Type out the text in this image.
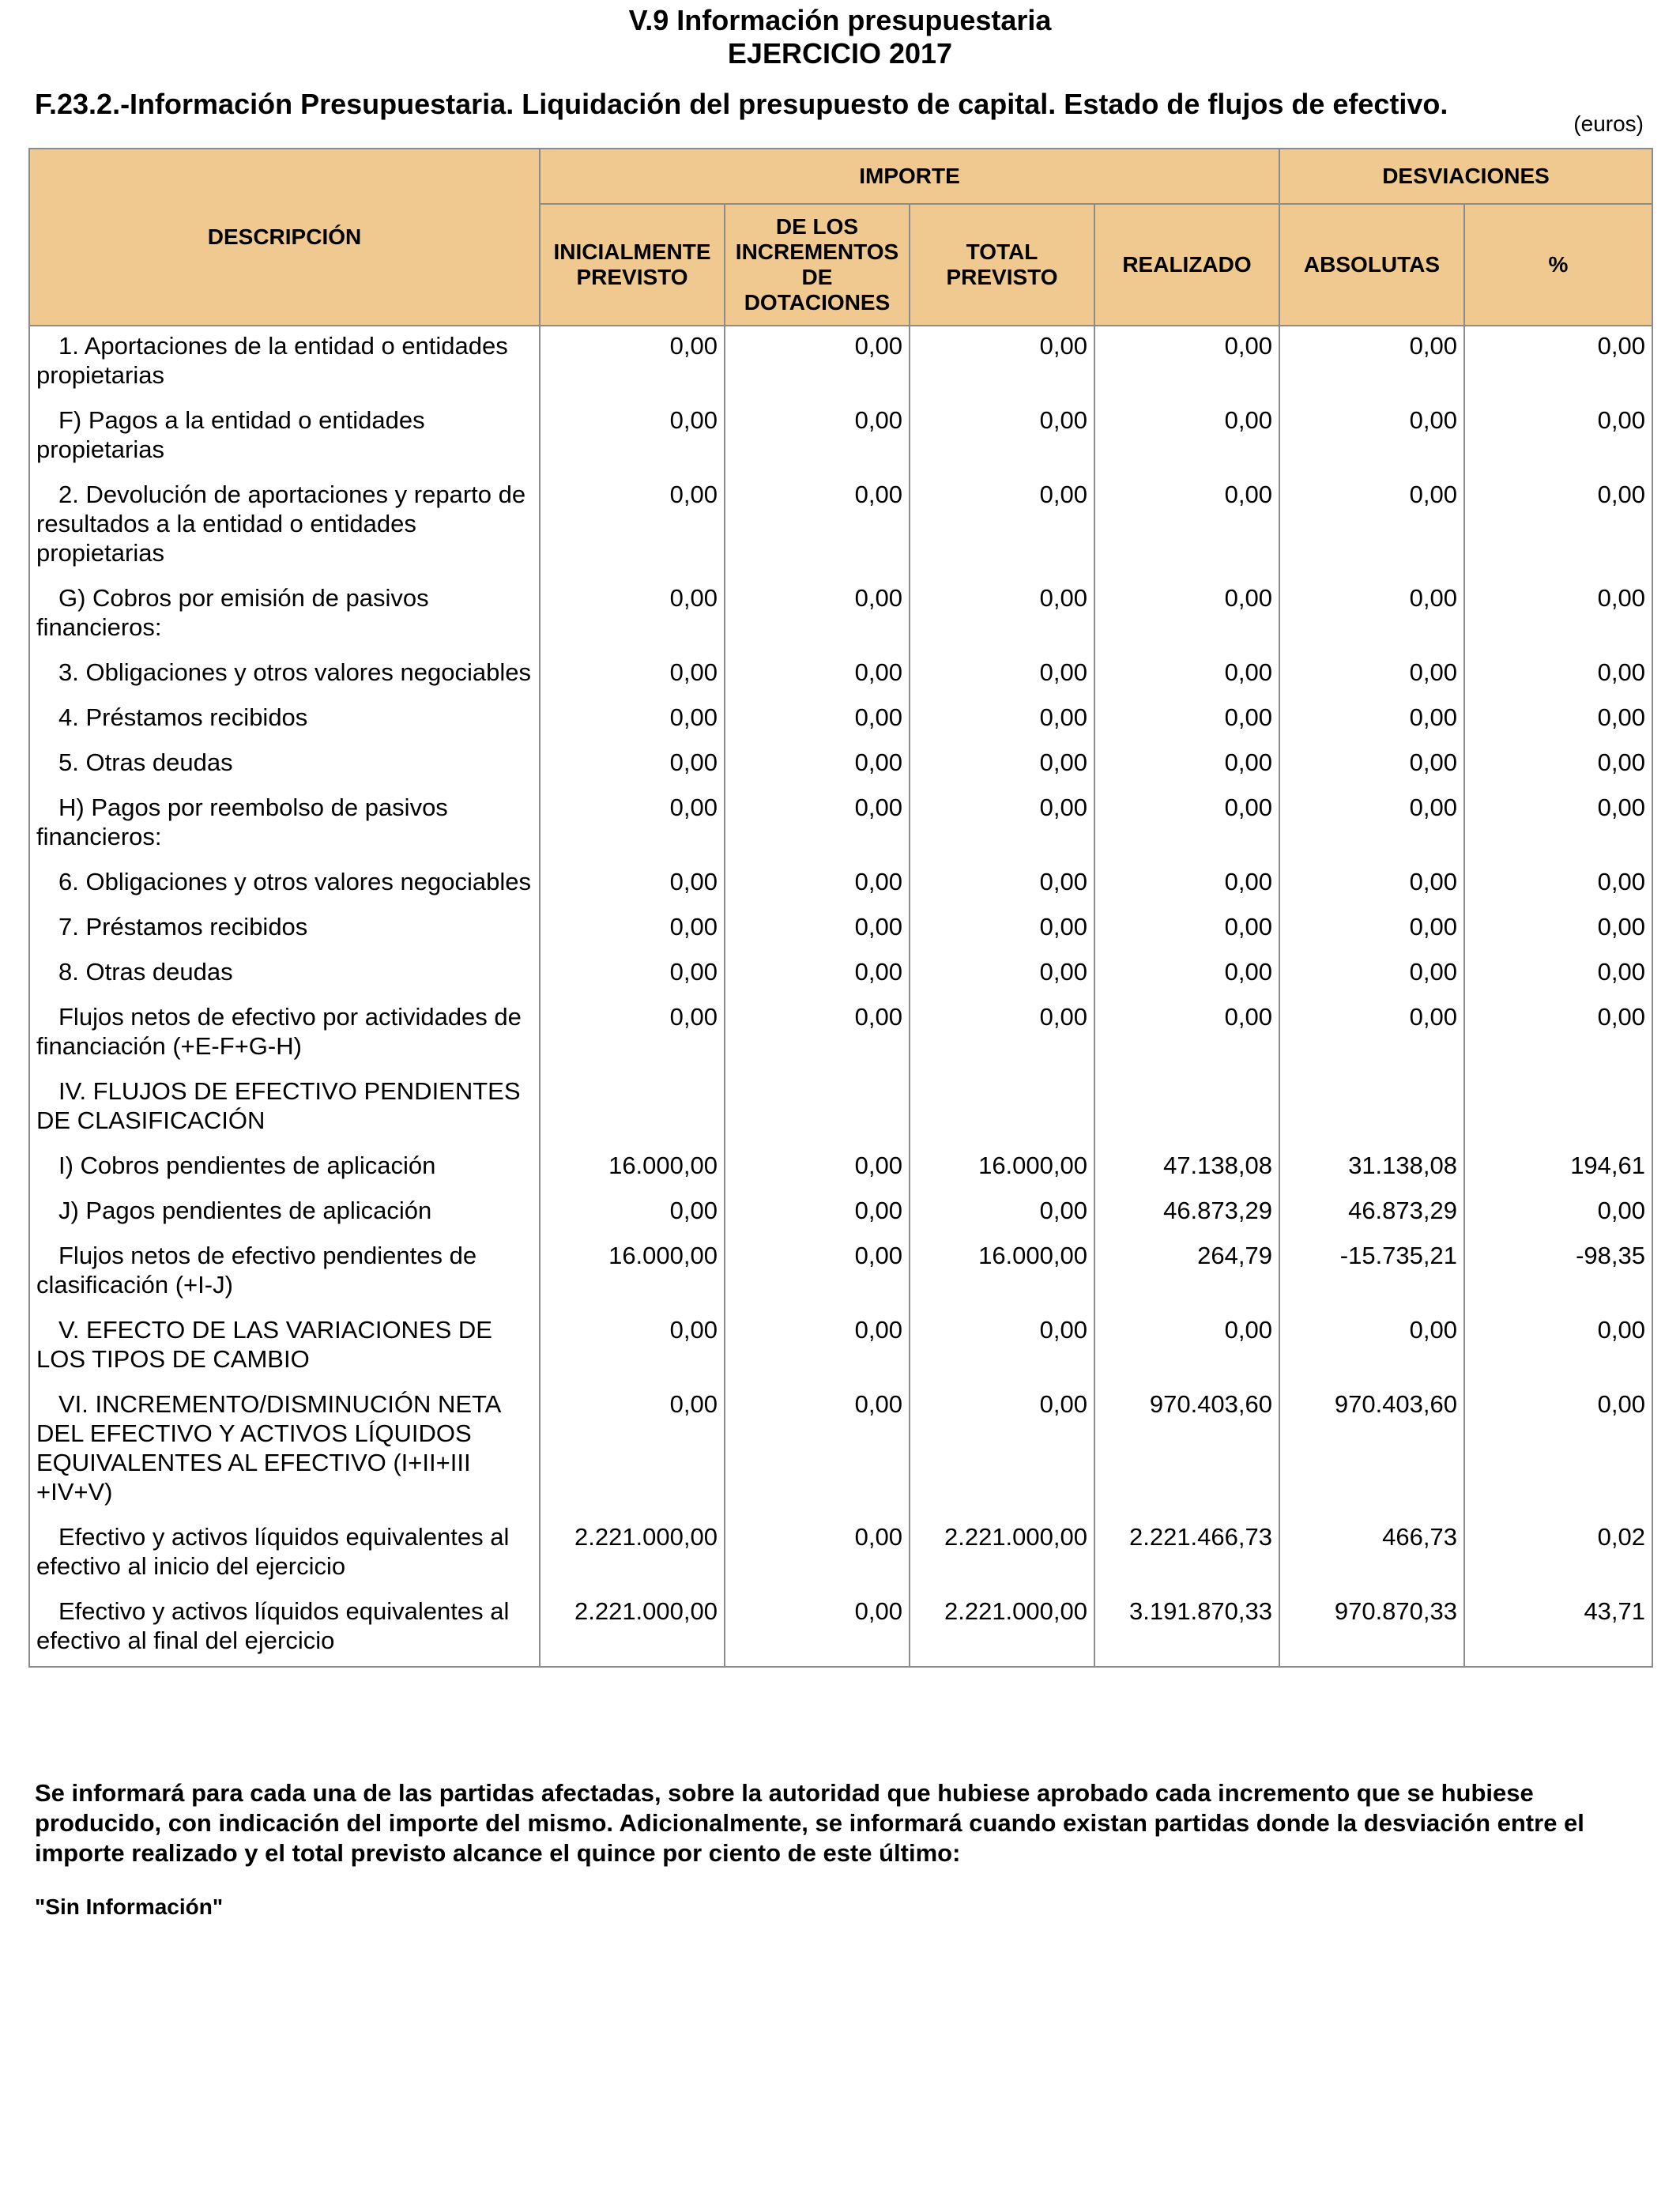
V.9 Información presupuestaria
EJERCICIO 2017
F.23.2.-Información Presupuestaria. Liquidación del presupuesto de capital. Estado de flujos de efectivo.
(euros)
DESCRIPCIÓN	IMPORTE				DESVIACIONES	
	INICIALMENTE PREVISTO	DE LOS INCREMENTOS DE DOTACIONES	TOTAL PREVISTO	REALIZADO	ABSOLUTAS	%
1. Aportaciones de la entidad o entidades propietarias	0,00	0,00	0,00	0,00	0,00	0,00
F) Pagos a la entidad o entidades propietarias	0,00	0,00	0,00	0,00	0,00	0,00
2. Devolución de aportaciones y reparto de resultados a la entidad o entidades propietarias	0,00	0,00	0,00	0,00	0,00	0,00
G) Cobros por emisión de pasivos financieros:	0,00	0,00	0,00	0,00	0,00	0,00
3. Obligaciones y otros valores negociables	0,00	0,00	0,00	0,00	0,00	0,00
4. Préstamos recibidos	0,00	0,00	0,00	0,00	0,00	0,00
5. Otras deudas	0,00	0,00	0,00	0,00	0,00	0,00
H) Pagos por reembolso de pasivos financieros:	0,00	0,00	0,00	0,00	0,00	0,00
6. Obligaciones y otros valores negociables	0,00	0,00	0,00	0,00	0,00	0,00
7. Préstamos recibidos	0,00	0,00	0,00	0,00	0,00	0,00
8. Otras deudas	0,00	0,00	0,00	0,00	0,00	0,00
Flujos netos de efectivo por actividades de financiación (+E-F+G-H)	0,00	0,00	0,00	0,00	0,00	0,00
IV. FLUJOS DE EFECTIVO PENDIENTES DE CLASIFICACIÓN						
I) Cobros pendientes de aplicación	16.000,00	0,00	16.000,00	47.138,08	31.138,08	194,61
J) Pagos pendientes de aplicación	0,00	0,00	0,00	46.873,29	46.873,29	0,00
Flujos netos de efectivo pendientes de clasificación (+I-J)	16.000,00	0,00	16.000,00	264,79	-15.735,21	-98,35
V. EFECTO DE LAS VARIACIONES DE LOS TIPOS DE CAMBIO	0,00	0,00	0,00	0,00	0,00	0,00
VI. INCREMENTO/DISMINUCIÓN NETA DEL EFECTIVO Y ACTIVOS LÍQUIDOS EQUIVALENTES AL EFECTIVO (I+II+III +IV+V)	0,00	0,00	0,00	970.403,60	970.403,60	0,00
Efectivo y activos líquidos equivalentes al efectivo al inicio del ejercicio	2.221.000,00	0,00	2.221.000,00	2.221.466,73	466,73	0,02
Efectivo y activos líquidos equivalentes al efectivo al final del ejercicio	2.221.000,00	0,00	2.221.000,00	3.191.870,33	970.870,33	43,71
Se informará para cada una de las partidas afectadas, sobre la autoridad que hubiese aprobado cada incremento que se hubiese producido, con indicación del importe del mismo. Adicionalmente, se informará cuando existan partidas donde la desviación entre el importe realizado y el total previsto alcance el quince por ciento de este último:
"Sin Información"
